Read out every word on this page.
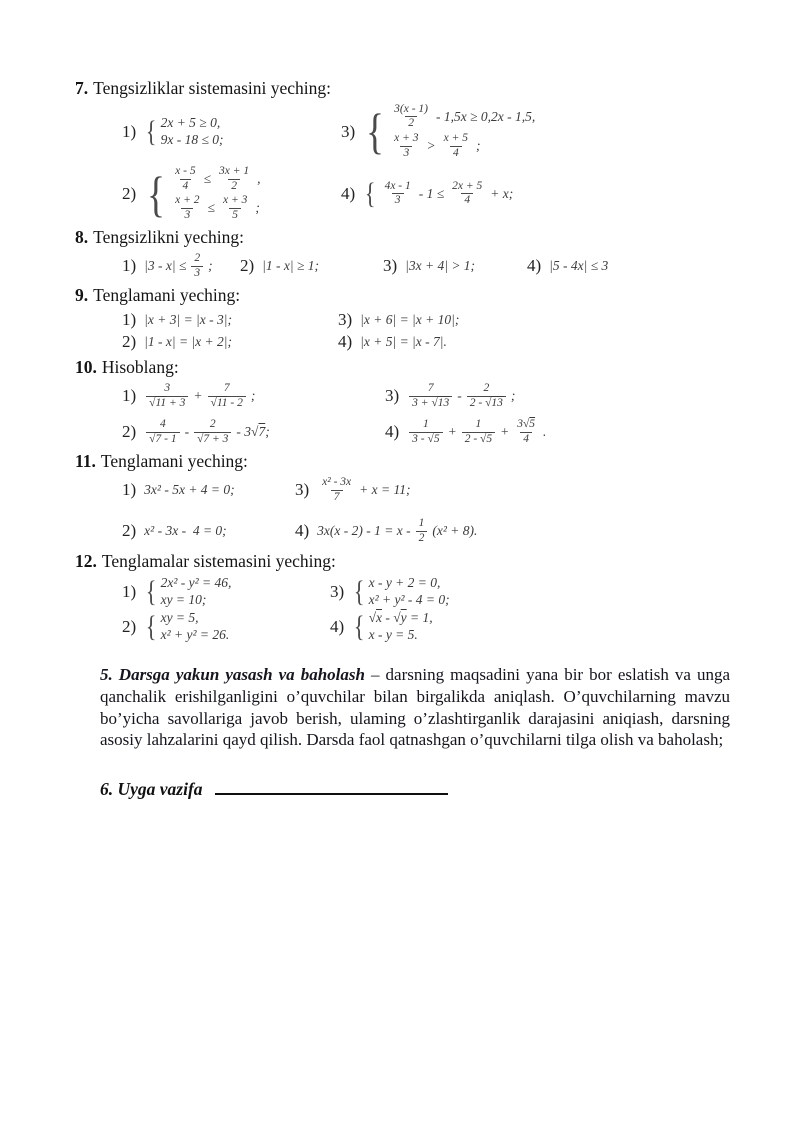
7. Tengsizliklar sistemasini yeching:
1) { 2x + 5 ≥ 0,
9x - 18 ≤ 0;
2) { $\frac{x - 5}{4} \le \frac{3x + 1}{2}$ ,
$\frac{x + 2}{3} \le \frac{x + 3}{5}$ ;
3) { $\frac{3(x - 1)}{2} - 1,5x \ge 0,2x - 1,5$,
$\frac{x + 3}{3} > \frac{x + 5}{4}$ ;
4) { $\frac{4x - 1}{3} - 1 \le \frac{2x + 5}{4} + x$;
8. Tengsizlikni yeching:
1) $|3 - x| \le \frac{2}{3}$ ; 2) |1 - x| ≥ 1;	3) |3x + 4| > 1;	4) |5 - 4x| ≤ 3
9. Tenglamani yeching:
1) |x + 3| = |x - 3|;
2) |1 - x| = |x + 2|;
3) |x + 6| = |x + 10|;
4) |x + 5| = |x - 7|.
10. Hisoblang:
$1) \frac{3}{√11 + 3} + \frac{7}{√11 - 2}$ ;
$2) \frac{4}{√7 - 1} - \frac{2}{√7 + 3} - 3√7$;
$3) \frac{7}{3 + √13} - \frac{2}{2 - √13}$ ;
$4) \frac{1}{3 - √5} + \frac{1}{2 - √5} + \frac{3√5}{4}$ .
11. Tenglamani yeching:
1) 3x² - 5x + 4 = 0;
2) x² - 3x -  4 = 0;
$3) \frac{\text{x² - 3x}}{7} + x = 11$;
4) $3x(x - 2) - 1 = x - \frac{1}{2} (x^2 + 8)$.
12. Tenglamalar sistemasini yeching:
1) { 2x² - y² = 46,
xy = 10;
2) { xy = 5,
x² + y² = 26.
3) { x - y + 2 = 0,
x² + y² - 4 = 0;
4) { √x - √y = 1,
x - y = 5.

5. Darsga yakun yasash va baholash – darsning maqsadini yana bir bor eslatish va unga qanchalik erishilganligini o’quvchilar bilan birgalikda aniqlash. O’quvchilarning mavzu bo’yicha savollariga javob berish, ulaming o’zlashtirganlik darajasini aniqiash, darsning asosiy lahzalarini qayd qilish. Darsda faol qatnashgan o’quvchilarni tilga olish va baholash;

6. Uyga vazifa
